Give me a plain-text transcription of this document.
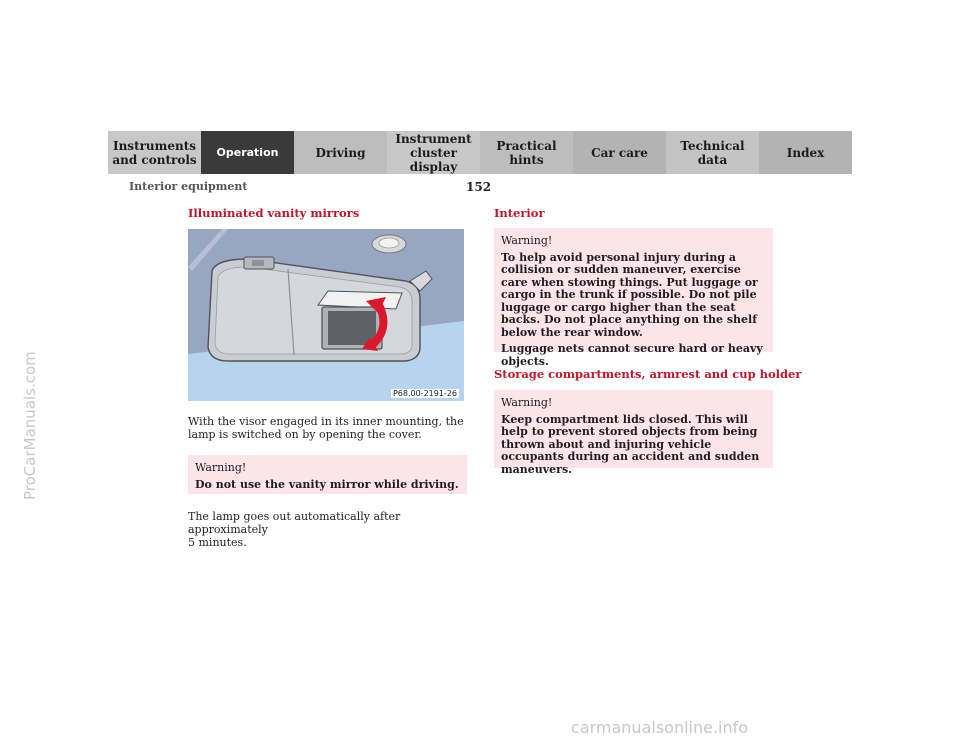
ProCarManuals.com
carmanualsonline.info
Instruments
and controls
Operation	Driving
Instrument
cluster display
Practical hints	Car care	Technical
data	Index
Interior equipment	152
Illuminated vanity mirrors
P68.00-2191-26
With the visor engaged in its inner mounting, the lamp is switched on by opening the cover.
Warning!
Do not use the vanity mirror while driving.
The lamp goes out automatically after approximately
5 minutes.
Interior
Warning!

To help avoid personal injury during a collision or sudden maneuver, exercise care when stowing things. Put luggage or cargo in the trunk if possible. Do not pile luggage or cargo higher than the seat backs. Do not place anything on the shelf below the rear window.

Luggage nets cannot secure hard or heavy objects.

Storage compartments, armrest and cup holder
Warning!
Keep compartment lids closed. This will help to prevent stored objects from being thrown about and injuring vehicle occupants during an accident and sudden maneuvers.
